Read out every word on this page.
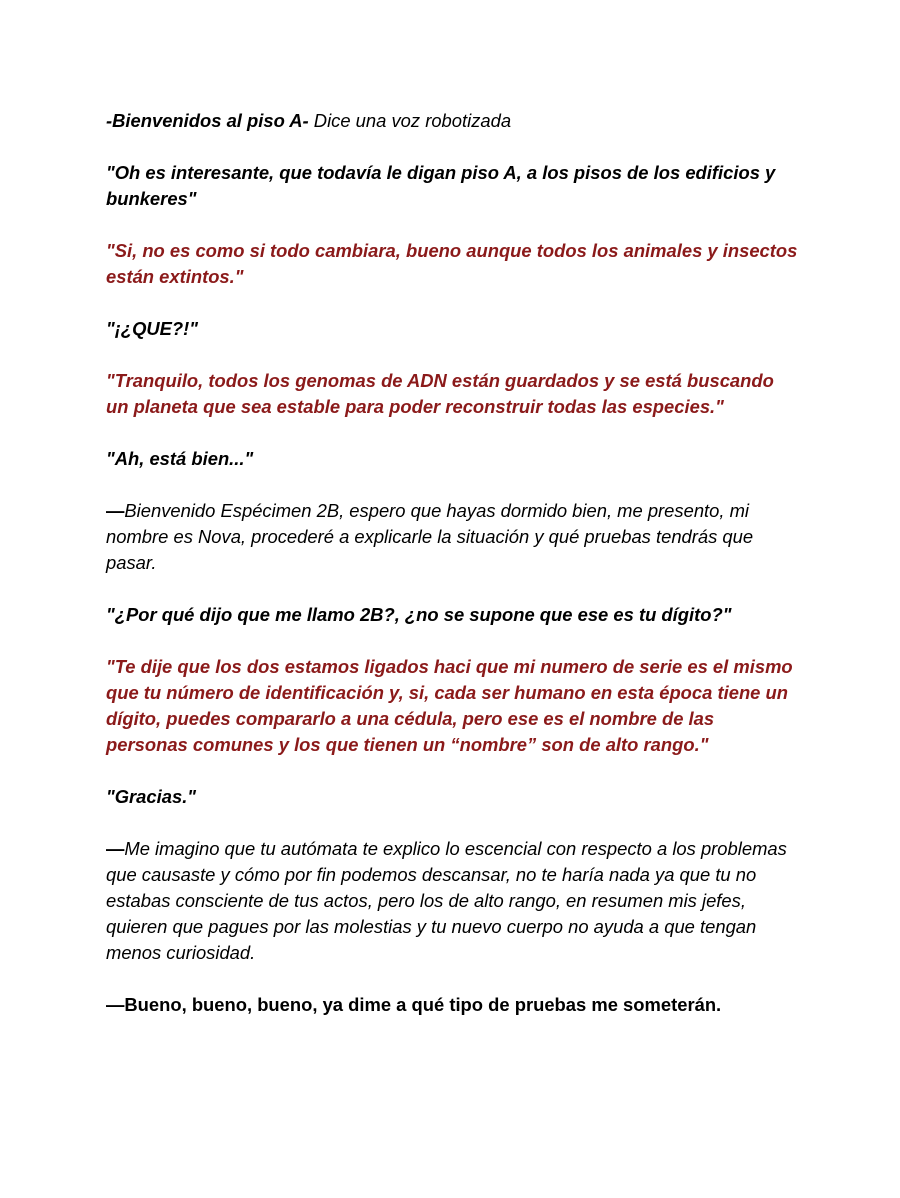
-Bienvenidos al piso A- Dice una voz robotizada

"Oh es interesante, que todavía le digan piso A, a los pisos de los edificios y bunkeres"

"Si, no es como si todo cambiara, bueno aunque todos los animales y insectos están extintos."

"¡¿QUE?!"

"Tranquilo, todos los genomas de ADN están guardados y se está buscando un planeta que sea estable para poder reconstruir todas las especies."

"Ah, está bien..."

—Bienvenido Espécimen 2B, espero que hayas dormido bien, me presento, mi nombre es Nova, procederé a explicarle la situación y qué pruebas tendrás que pasar.

"¿Por qué dijo que me llamo 2B?, ¿no se supone que ese es tu dígito?"

"Te dije que los dos estamos ligados haci que mi numero de serie es el mismo que tu número de identificación y, si, cada ser humano en esta época tiene un dígito, puedes compararlo a una cédula, pero ese es el nombre de las personas comunes y los que tienen un “nombre” son de alto rango."

"Gracias."

—Me imagino que tu autómata te explico lo escencial con respecto a los problemas que causaste y cómo por fin podemos descansar, no te haría nada ya que tu no estabas consciente de tus actos, pero los de alto rango, en resumen mis jefes, quieren que pagues por las molestias y tu nuevo cuerpo no ayuda a que tengan menos curiosidad.

—Bueno, bueno, bueno, ya dime a qué tipo de pruebas me someterán.
